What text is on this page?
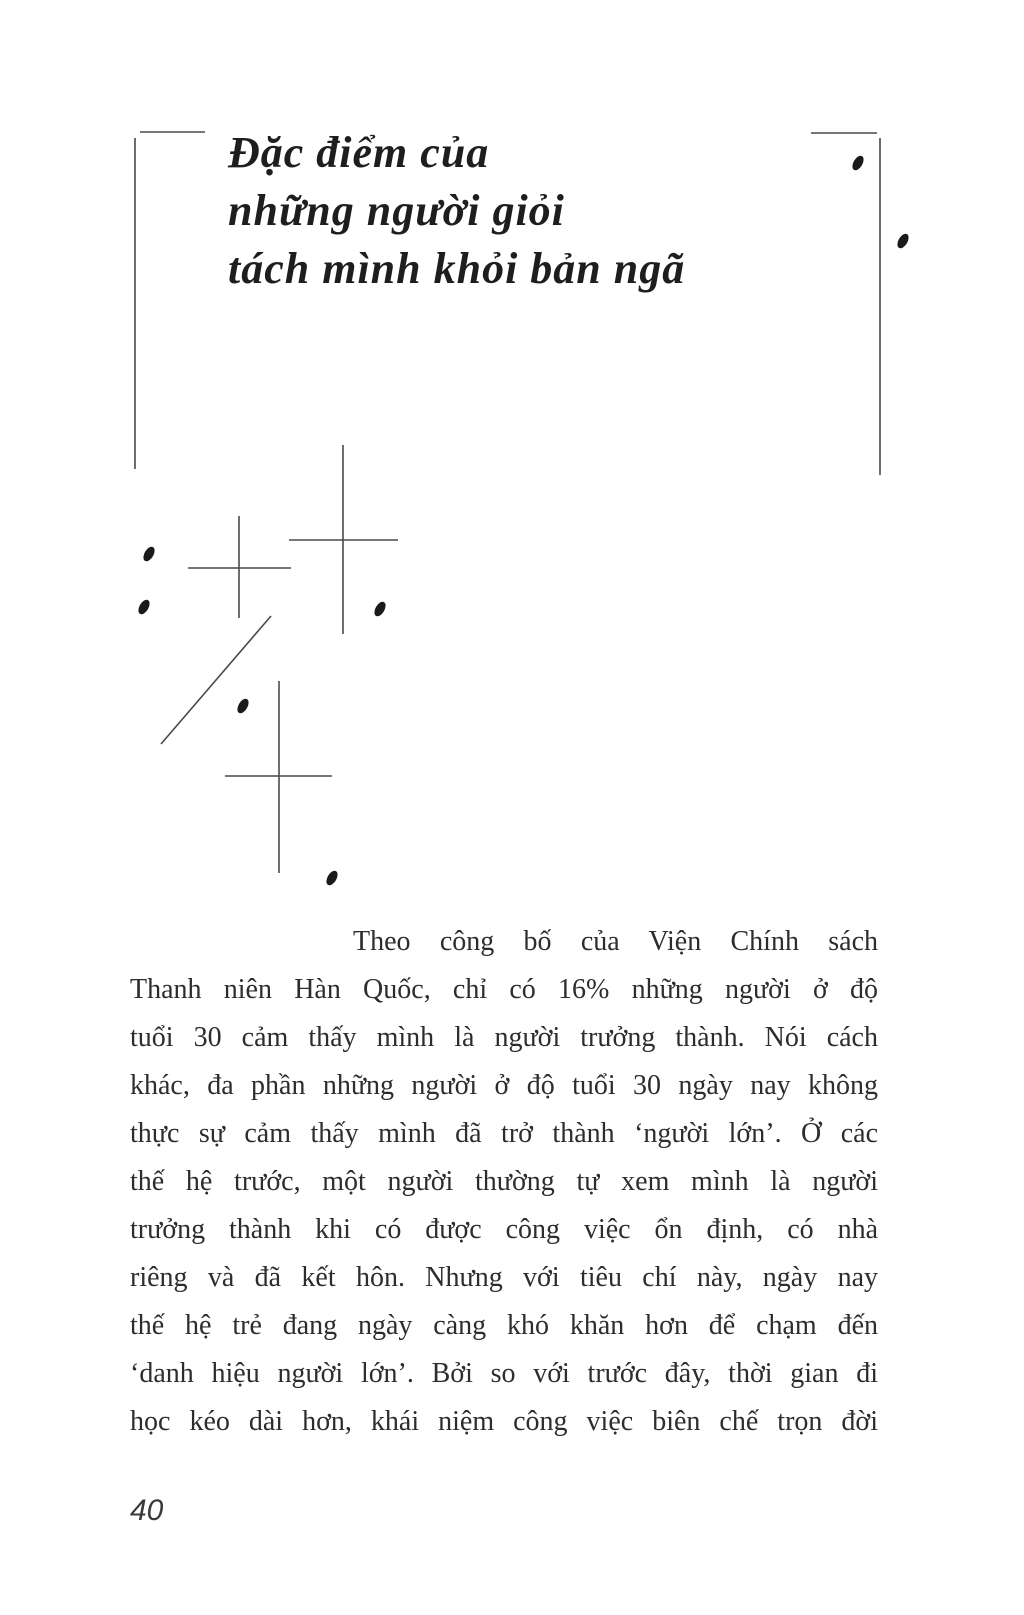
Đặc điểm của
những người giỏi
tách mình khỏi bản ngã
Theo công bố của Viện Chính sách
Thanh niên Hàn Quốc, chỉ có 16% những người ở độ
tuổi 30 cảm thấy mình là người trưởng thành. Nói cách
khác, đa phần những người ở độ tuổi 30 ngày nay không
thực sự cảm thấy mình đã trở thành ‘người lớn’. Ở các
thế hệ trước, một người thường tự xem mình là người
trưởng thành khi có được công việc ổn định, có nhà
riêng và đã kết hôn. Nhưng với tiêu chí này, ngày nay
thế hệ trẻ đang ngày càng khó khăn hơn để chạm đến
‘danh hiệu người lớn’. Bởi so với trước đây, thời gian đi
học kéo dài hơn, khái niệm công việc biên chế trọn đời
40
